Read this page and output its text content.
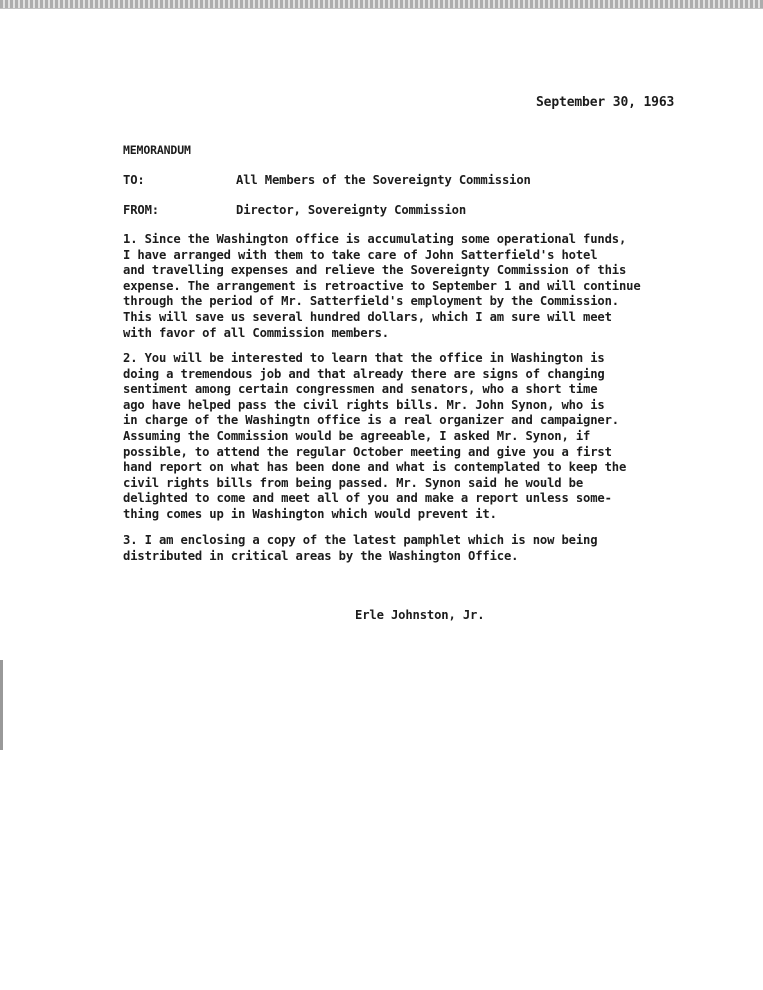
September 30, 1963
MEMORANDUM
TO:	All Members of the Sovereignty Commission
FROM:	Director, Sovereignty Commission
1. Since the Washington office is accumulating some operational funds,
I have arranged with them to take care of John Satterfield's hotel
and travelling expenses and relieve the Sovereignty Commission of this
expense. The arrangement is retroactive to September 1 and will continue
through the period of Mr. Satterfield's employment by the Commission.
This will save us several hundred dollars, which I am sure will meet
with favor of all Commission members.
2. You will be interested to learn that the office in Washington is
doing a tremendous job and that already there are signs of changing
sentiment among certain congressmen and senators, who a short time
ago have helped pass the civil rights bills. Mr. John Synon, who is
in charge of the Washingtn office is a real organizer and campaigner.
Assuming the Commission would be agreeable, I asked Mr. Synon, if
possible, to attend the regular October meeting and give you a first
hand report on what has been done and what is contemplated to keep the
civil rights bills from being passed. Mr. Synon said he would be
delighted to come and meet all of you and make a report unless some-
thing comes up in Washington which would prevent it.
3. I am enclosing a copy of the latest pamphlet which is now being
distributed in critical areas by the Washington Office.
Erle Johnston, Jr.
